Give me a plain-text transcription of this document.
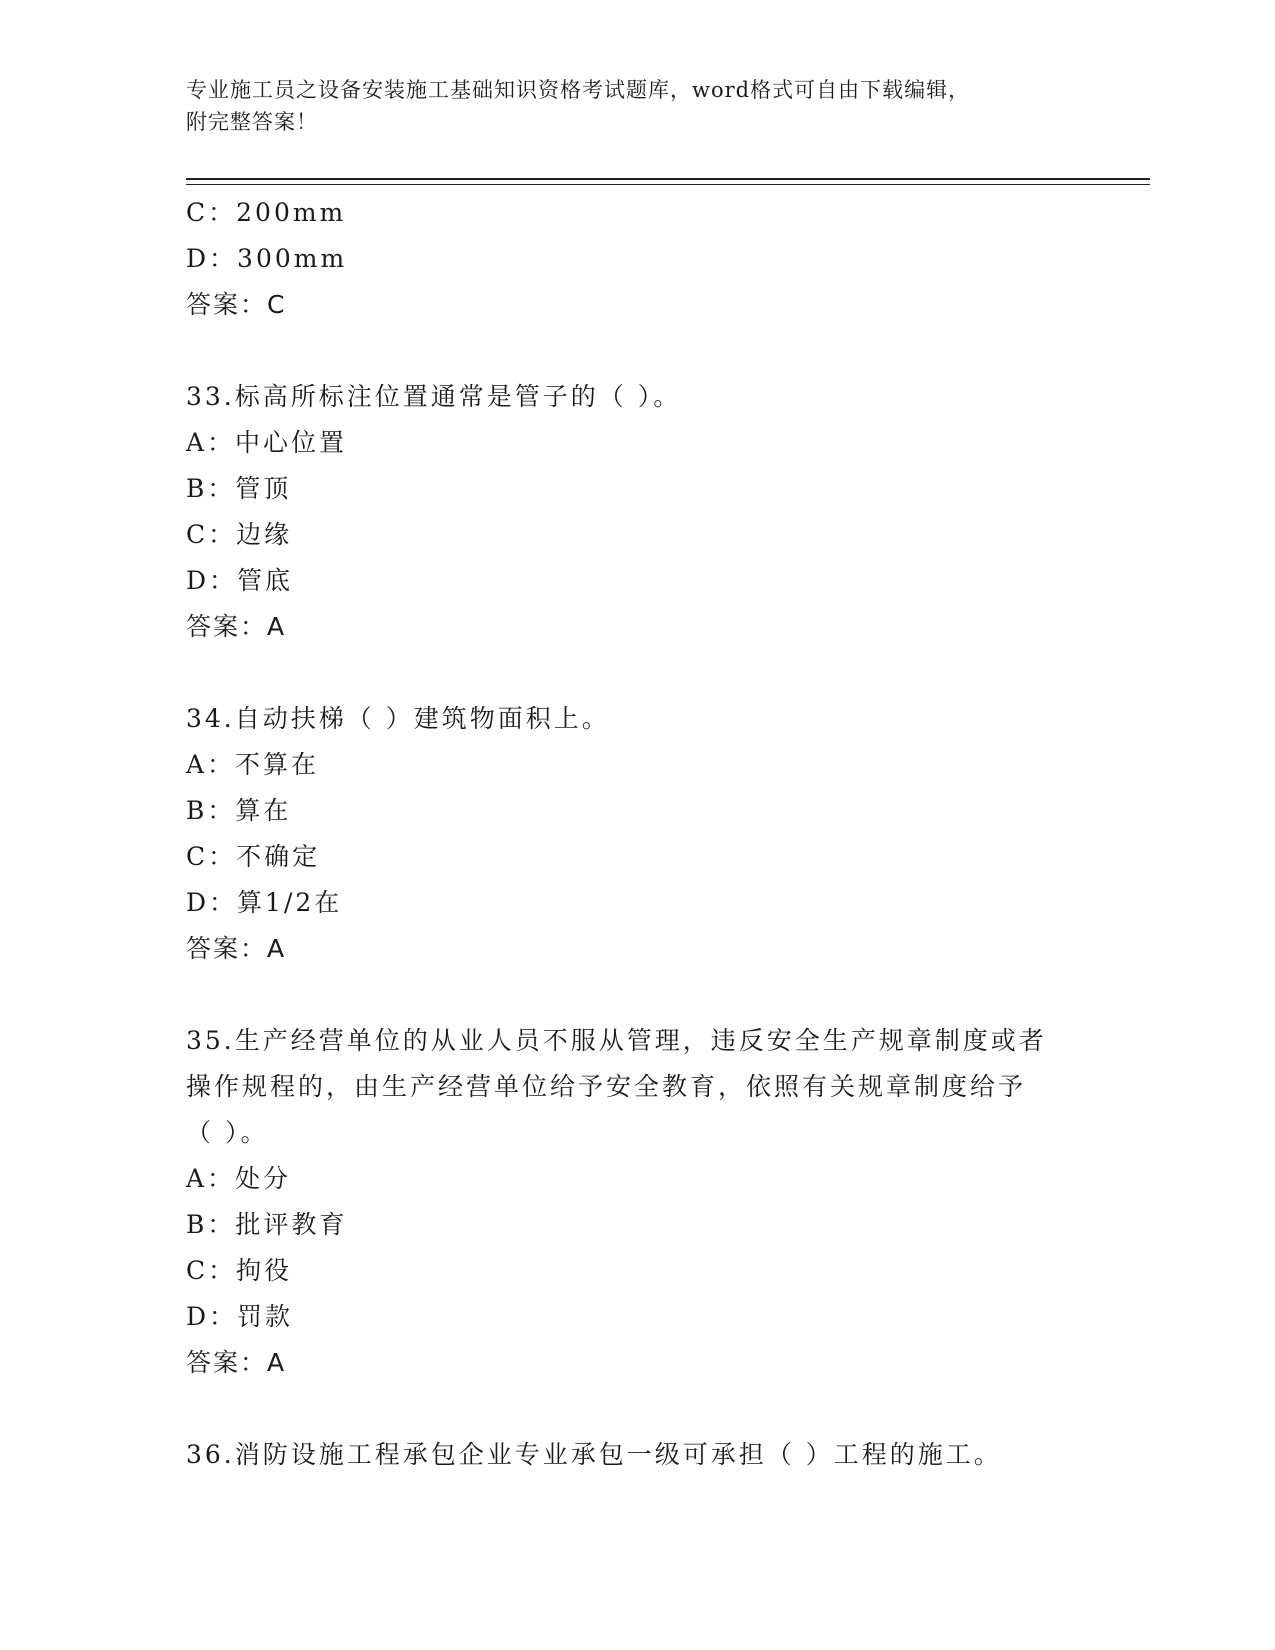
专业施工员之设备安装施工基础知识资格考试题库，word格式可自由下载编辑，
附完整答案！
C：200mm
D：300mm
答案：C
33.标高所标注位置通常是管子的（ ）。
A：中心位置
B：管顶
C：边缘
D：管底
答案：A
34.自动扶梯（ ）建筑物面积上。
A：不算在
B：算在
C：不确定
D：算1/2在
答案：A
35.生产经营单位的从业人员不服从管理，违反安全生产规章制度或者
操作规程的，由生产经营单位给予安全教育，依照有关规章制度给予
（ ）。
A：处分
B：批评教育
C：拘役
D：罚款
答案：A
36.消防设施工程承包企业专业承包一级可承担（ ）工程的施工。
